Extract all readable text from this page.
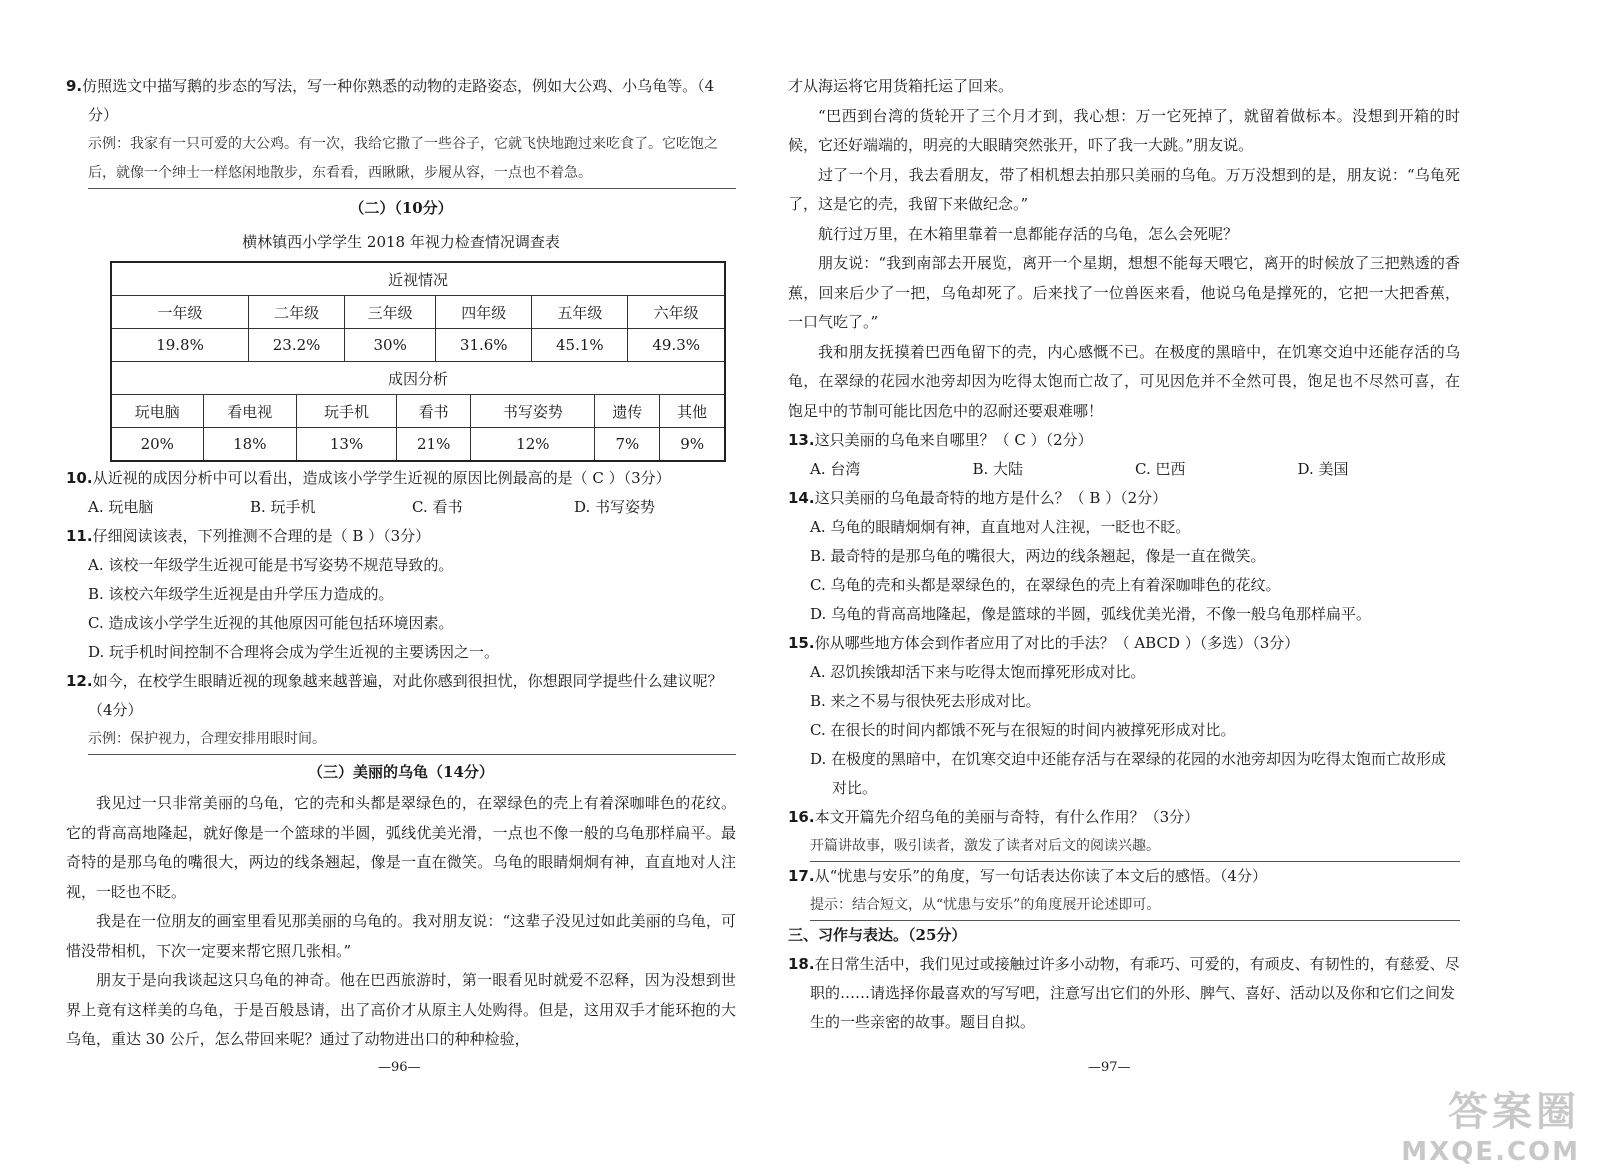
9.仿照选文中描写鹅的步态的写法，写一种你熟悉的动物的走路姿态，例如大公鸡、小乌龟等。（4分）

示例：我家有一只可爱的大公鸡。有一次，我给它撒了一些谷子，它就飞快地跑过来吃食了。它吃饱之后，就像一个绅士一样悠闲地散步，东看看，西瞅瞅，步履从容，一点也不着急。

（二）（10分）

横林镇西小学学生 2018 年视力检查情况调查表

近视情况											
一年级		二年级		三年级		四年级		五年级		六年级	
19.8%		23.2%		30%		31.6%		45.1%		49.3%	
成因分析											
玩电脑	看电视		玩手机		看书		书写姿势		遗传		其他
20%	18%		13%		21%		12%		7%		9%

10.从近视的成因分析中可以看出，造成该小学学生近视的原因比例最高的是（ C ）（3分）

A. 玩电脑	B. 玩手机	C. 看书	D. 书写姿势

11.仔细阅读该表，下列推测不合理的是（ B ）（3分）

A. 该校一年级学生近视可能是书写姿势不规范导致的。

B. 该校六年级学生近视是由升学压力造成的。

C. 造成该小学学生近视的其他原因可能包括环境因素。

D. 玩手机时间控制不合理将会成为学生近视的主要诱因之一。

12.如今，在校学生眼睛近视的现象越来越普遍，对此你感到很担忧，你想跟同学提些什么建议呢？（4分）

示例：保护视力，合理安排用眼时间。

（三）美丽的乌龟（14分）

我见过一只非常美丽的乌龟，它的壳和头都是翠绿色的，在翠绿色的壳上有着深咖啡色的花纹。它的背高高地隆起，就好像是一个篮球的半圆，弧线优美光滑，一点也不像一般的乌龟那样扁平。最奇特的是那乌龟的嘴很大，两边的线条翘起，像是一直在微笑。乌龟的眼睛炯炯有神，直直地对人注视，一眨也不眨。

我是在一位朋友的画室里看见那美丽的乌龟的。我对朋友说：“这辈子没见过如此美丽的乌龟，可惜没带相机，下次一定要来帮它照几张相。”

朋友于是向我谈起这只乌龟的神奇。他在巴西旅游时，第一眼看见时就爱不忍释，因为没想到世界上竟有这样美的乌龟，于是百般恳请，出了高价才从原主人处购得。但是，这用双手才能环抱的大乌龟，重达 30 公斤，怎么带回来呢？通过了动物进出口的种种检验，

—96—

才从海运将它用货箱托运了回来。

“巴西到台湾的货轮开了三个月才到，我心想：万一它死掉了，就留着做标本。没想到开箱的时候，它还好端端的，明亮的大眼睛突然张开，吓了我一大跳。”朋友说。

过了一个月，我去看朋友，带了相机想去拍那只美丽的乌龟。万万没想到的是，朋友说：“乌龟死了，这是它的壳，我留下来做纪念。”

航行过万里，在木箱里靠着一息都能存活的乌龟，怎么会死呢？

朋友说：“我到南部去开展览，离开一个星期，想想不能每天喂它，离开的时候放了三把熟透的香蕉，回来后少了一把，乌龟却死了。后来找了一位兽医来看，他说乌龟是撑死的，它把一大把香蕉，一口气吃了。”

我和朋友抚摸着巴西龟留下的壳，内心感慨不已。在极度的黑暗中，在饥寒交迫中还能存活的乌龟，在翠绿的花园水池旁却因为吃得太饱而亡故了，可见因危并不全然可畏，饱足也不尽然可喜，在饱足中的节制可能比因危中的忍耐还要艰难哪！

13.这只美丽的乌龟来自哪里？（ C ）（2分）

A. 台湾	B. 大陆	C. 巴西	D. 美国

14.这只美丽的乌龟最奇特的地方是什么？（ B ）（2分）

A. 乌龟的眼睛炯炯有神，直直地对人注视，一眨也不眨。

B. 最奇特的是那乌龟的嘴很大，两边的线条翘起，像是一直在微笑。

C. 乌龟的壳和头都是翠绿色的，在翠绿色的壳上有着深咖啡色的花纹。

D. 乌龟的背高高地隆起，像是篮球的半圆，弧线优美光滑，不像一般乌龟那样扁平。

15.你从哪些地方体会到作者应用了对比的手法？（ ABCD ）（多选）（3分）

A. 忍饥挨饿却活下来与吃得太饱而撑死形成对比。

B. 来之不易与很快死去形成对比。

C. 在很长的时间内都饿不死与在很短的时间内被撑死形成对比。

D. 在极度的黑暗中，在饥寒交迫中还能存活与在翠绿的花园的水池旁却因为吃得太饱而亡故形成对比。

16.本文开篇先介绍乌龟的美丽与奇特，有什么作用？（3分）

开篇讲故事，吸引读者，激发了读者对后文的阅读兴趣。

17.从“忧患与安乐”的角度，写一句话表达你读了本文后的感悟。（4分）

提示：结合短文，从“忧患与安乐”的角度展开论述即可。

三、习作与表达。（25分）

18.在日常生活中，我们见过或接触过许多小动物，有乖巧、可爱的，有顽皮、有韧性的，有慈爱、尽职的……请选择你最喜欢的写写吧，注意写出它们的外形、脾气、喜好、活动以及你和它们之间发生的一些亲密的故事。题目自拟。

—97—
答案圈
MXQE.COM
